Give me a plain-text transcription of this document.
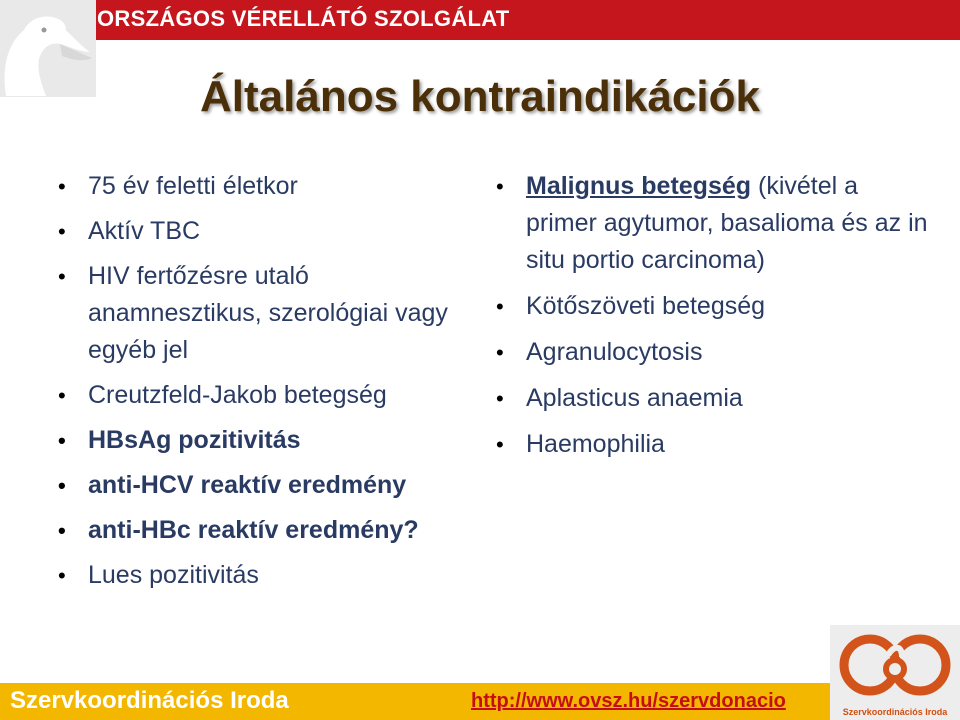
ORSZÁGOS VÉRELLÁTÓ SZOLGÁLAT
Általános kontraindikációk
• 75 év feletti életkor
• Aktív TBC
• HIV fertőzésre utaló anamnesztikus, szerológiai vagy egyéb jel
• Creutzfeld-Jakob betegség
• HBsAg pozitivitás
• anti-HCV reaktív eredmény
• anti-HBc reaktív eredmény?
• Lues pozitivitás
• Malignus betegség (kivétel a primer agytumor, basalioma és az in situ portio carcinoma)
• Kötőszöveti betegség
• Agranulocytosis
• Aplasticus anaemia
• Haemophilia
Szervkoordinációs Iroda	http://www.ovsz.hu/szervdonacio	Szervkoordinációs Iroda
